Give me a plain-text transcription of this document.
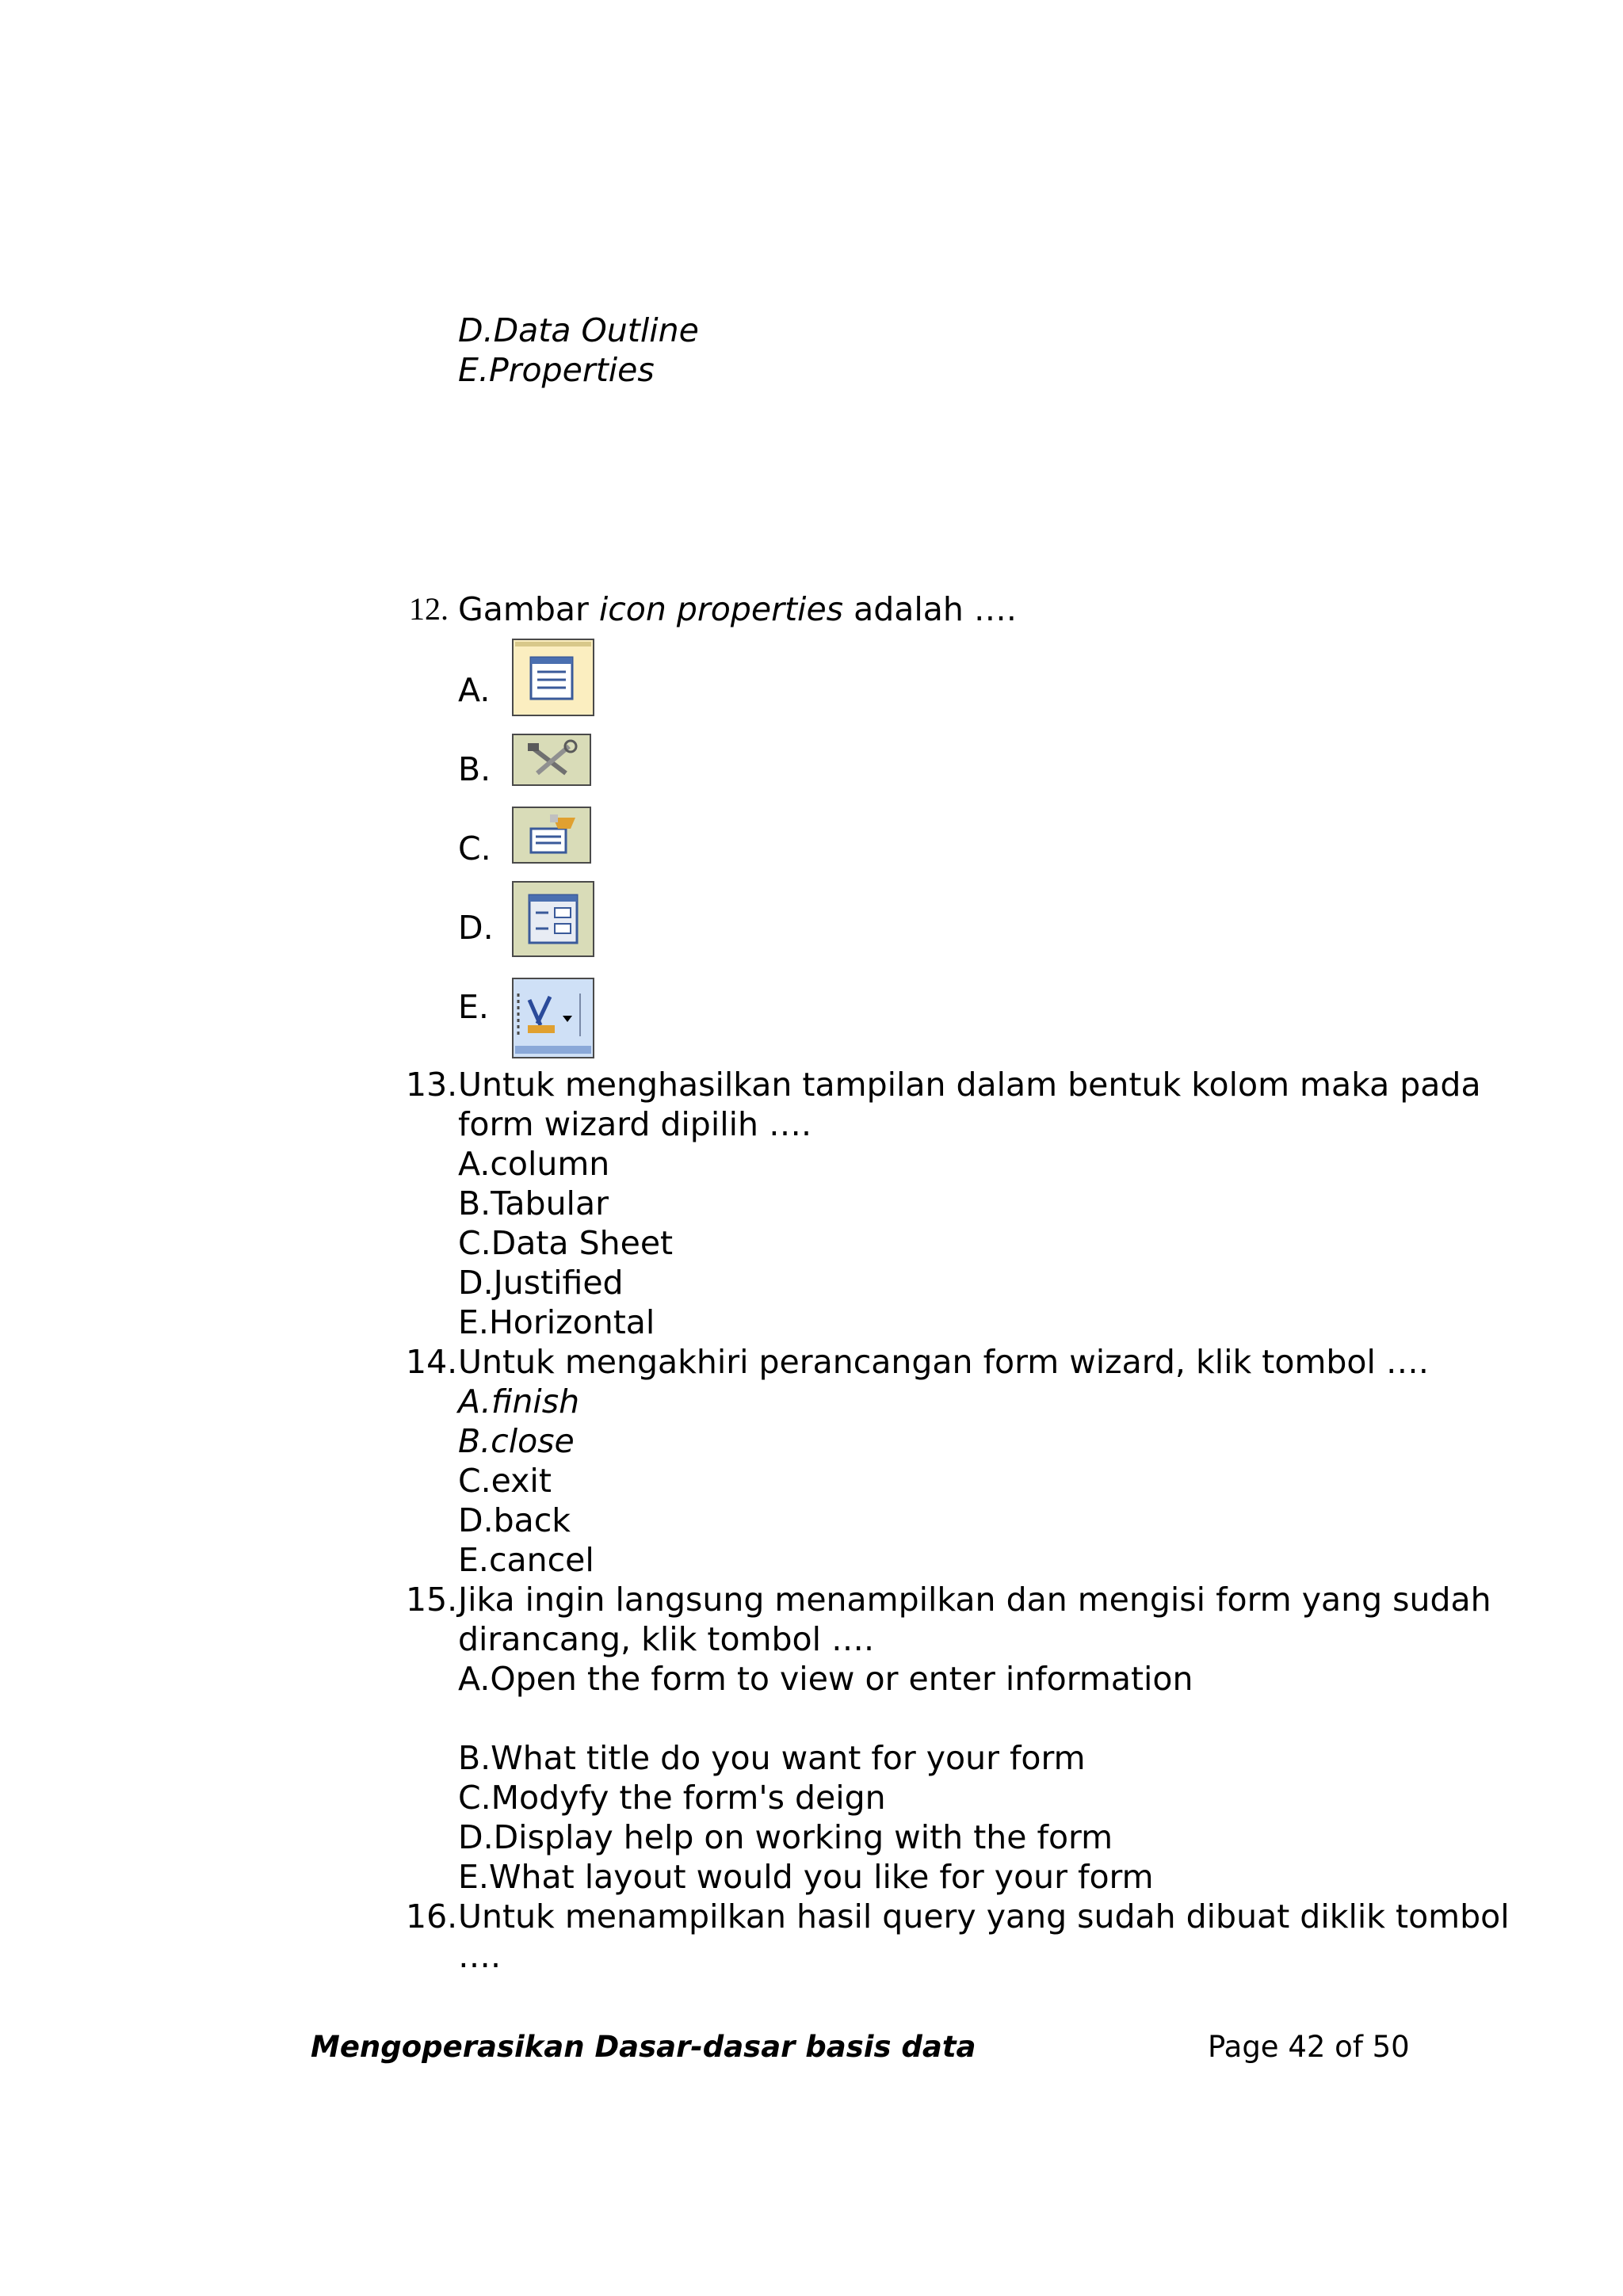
D.Data Outline
E.Properties
12. Gambar icon properties adalah ….
A.
B.
C.
D.
E.
13. Untuk menghasilkan tampilan dalam bentuk kolom maka pada
form wizard dipilih ….
A.column
B.Tabular
C.Data Sheet
D.Justified
E.Horizontal
14. Untuk mengakhiri perancangan form wizard, klik tombol ….
A.finish
B.close
C.exit
D.back
E.cancel
15. Jika ingin langsung menampilkan dan mengisi form yang sudah
dirancang, klik tombol ….
A.Open the form to view or enter information
B.What title do you want for your form
C.Modyfy the form's deign
D.Display help on working with the form
E.What layout would you like for your form
16. Untuk menampilkan hasil query yang sudah dibuat diklik tombol
….
Mengoperasikan Dasar-dasar basis data	Page 42 of 50
